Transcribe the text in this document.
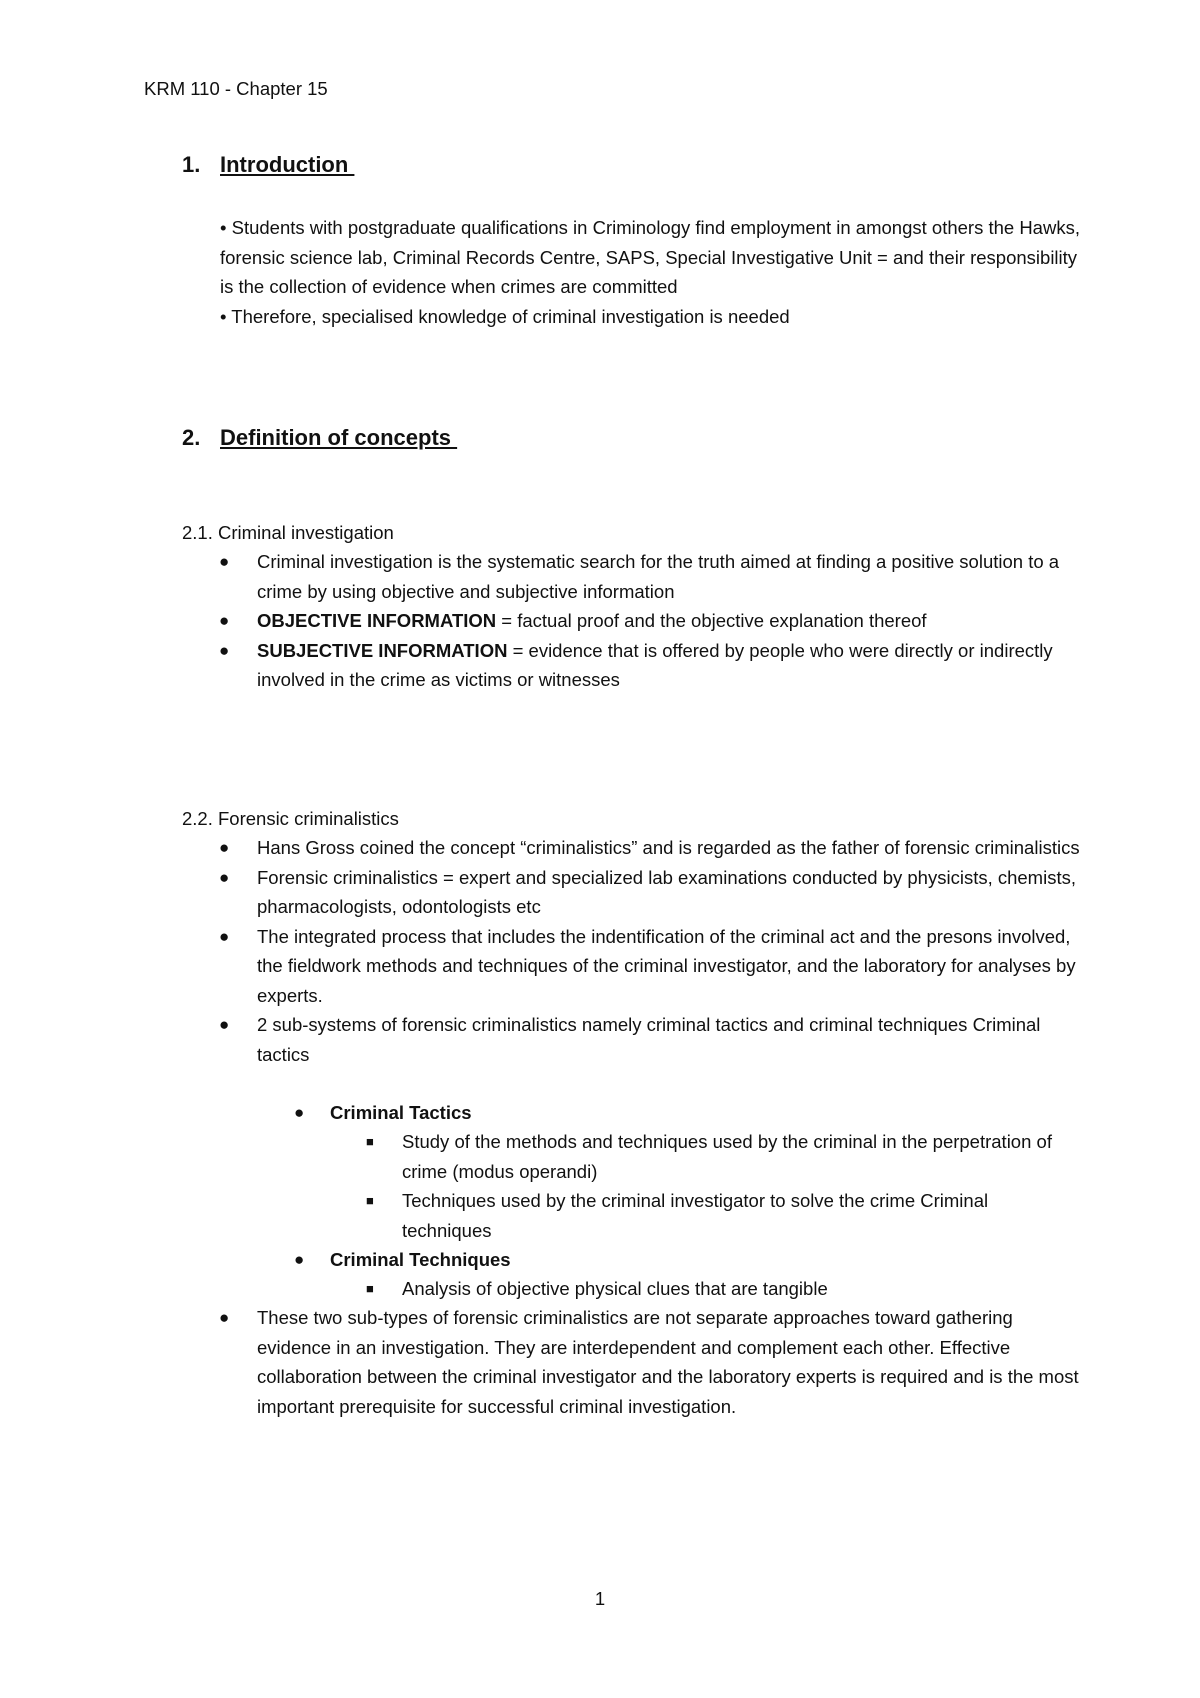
KRM 110 - Chapter 15
1. Introduction
• Students with postgraduate qualifications in Criminology find employment in amongst others the Hawks, forensic science lab, Criminal Records Centre, SAPS, Special Investigative Unit = and their responsibility is the collection of evidence when crimes are committed
• Therefore, specialised knowledge of criminal investigation is needed
2. Definition of concepts
2.1. Criminal investigation
● Criminal investigation is the systematic search for the truth aimed at finding a positive solution to a crime by using objective and subjective information
● OBJECTIVE INFORMATION = factual proof and the objective explanation thereof
● SUBJECTIVE INFORMATION = evidence that is offered by people who were directly or indirectly involved in the crime as victims or witnesses
2.2. Forensic criminalistics
● Hans Gross coined the concept “criminalistics” and is regarded as the father of forensic criminalistics
● Forensic criminalistics = expert and specialized lab examinations conducted by physicists, chemists, pharmacologists, odontologists etc
● The integrated process that includes the indentification of the criminal act and the presons involved, the fieldwork methods and techniques of the criminal investigator, and the laboratory for analyses by experts.
● 2 sub-systems of forensic criminalistics namely criminal tactics and criminal techniques Criminal tactics
● Criminal Tactics
■ Study of the methods and techniques used by the criminal in the perpetration of crime (modus operandi)
■ Techniques used by the criminal investigator to solve the crime Criminal techniques
● Criminal Techniques
■ Analysis of objective physical clues that are tangible
● These two sub-types of forensic criminalistics are not separate approaches toward gathering evidence in an investigation. They are interdependent and complement each other. Effective collaboration between the criminal investigator and the laboratory experts is required and is the most important prerequisite for successful criminal investigation.
1
